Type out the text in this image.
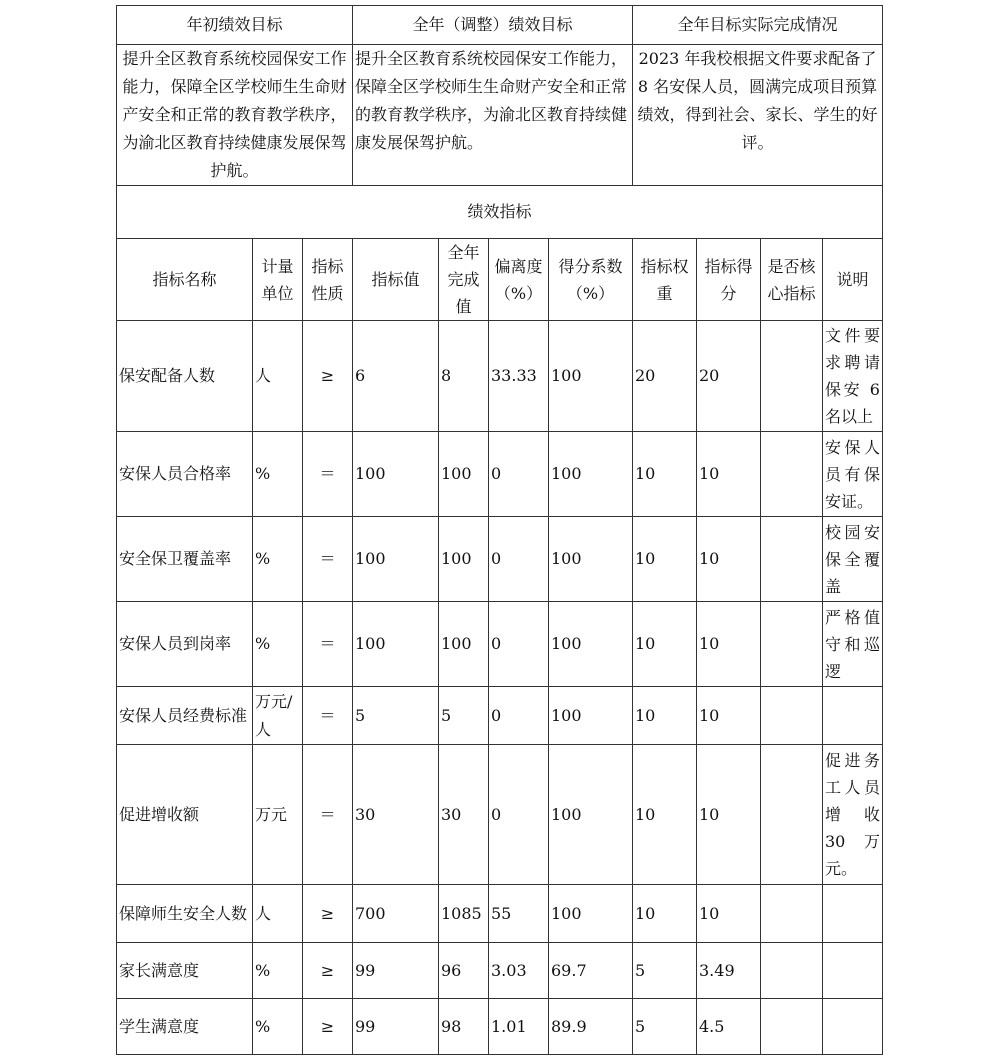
年初绩效目标			全年（调整）绩效目标				全年目标实际完成情况			
提升全区教育系统校园保安工作能力，保障全区学校师生生命财产安全和正常的教育教学秩序，为渝北区教育持续健康发展保驾护航。			提升全区教育系统校园保安工作能力，保障全区学校师生生命财产安全和正常的教育教学秩序，为渝北区教育持续健康发展保驾护航。				2023 年我校根据文件要求配备了 8 名安保人员，圆满完成项目预算绩效，得到社会、家长、学生的好评。			
绩效指标										
指标名称	计量单位	指标性质	指标值	全年完成值	偏离度（%）	得分系数（%）	指标权重	指标得分	是否核心指标	说明
保安配备人数	人	≥	6	8	33.33	100	20	20		文件要求聘请保安 6 名以上
安保人员合格率	%	＝	100	100	0	100	10	10		安保人员有保安证。
安全保卫覆盖率	%	＝	100	100	0	100	10	10		校园安保全覆盖
安保人员到岗率	%	＝	100	100	0	100	10	10		严格值守和巡逻
安保人员经费标准	万元/人	＝	5	5	0	100	10	10		
促进增收额	万元	＝	30	30	0	100	10	10		促进务工人员增收 30 万元。
保障师生安全人数	人	≥	700	1085	55	100	10	10		
家长满意度	%	≥	99	96	3.03	69.7	5	3.49		
学生满意度	%	≥	99	98	1.01	89.9	5	4.5		
